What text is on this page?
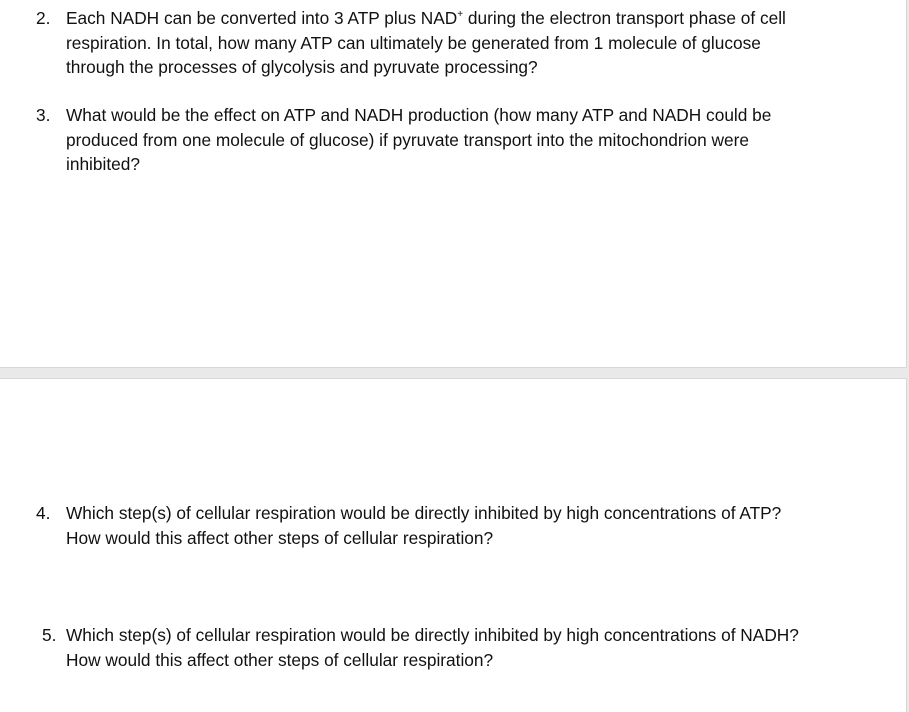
2. Each NADH can be converted into 3 ATP plus NAD+ during the electron transport phase of cell respiration. In total, how many ATP can ultimately be generated from 1 molecule of glucose through the processes of glycolysis and pyruvate processing?
3. What would be the effect on ATP and NADH production (how many ATP and NADH could be produced from one molecule of glucose) if pyruvate transport into the mitochondrion were inhibited?
4. Which step(s) of cellular respiration would be directly inhibited by high concentrations of ATP? How would this affect other steps of cellular respiration?
5. Which step(s) of cellular respiration would be directly inhibited by high concentrations of NADH? How would this affect other steps of cellular respiration?
